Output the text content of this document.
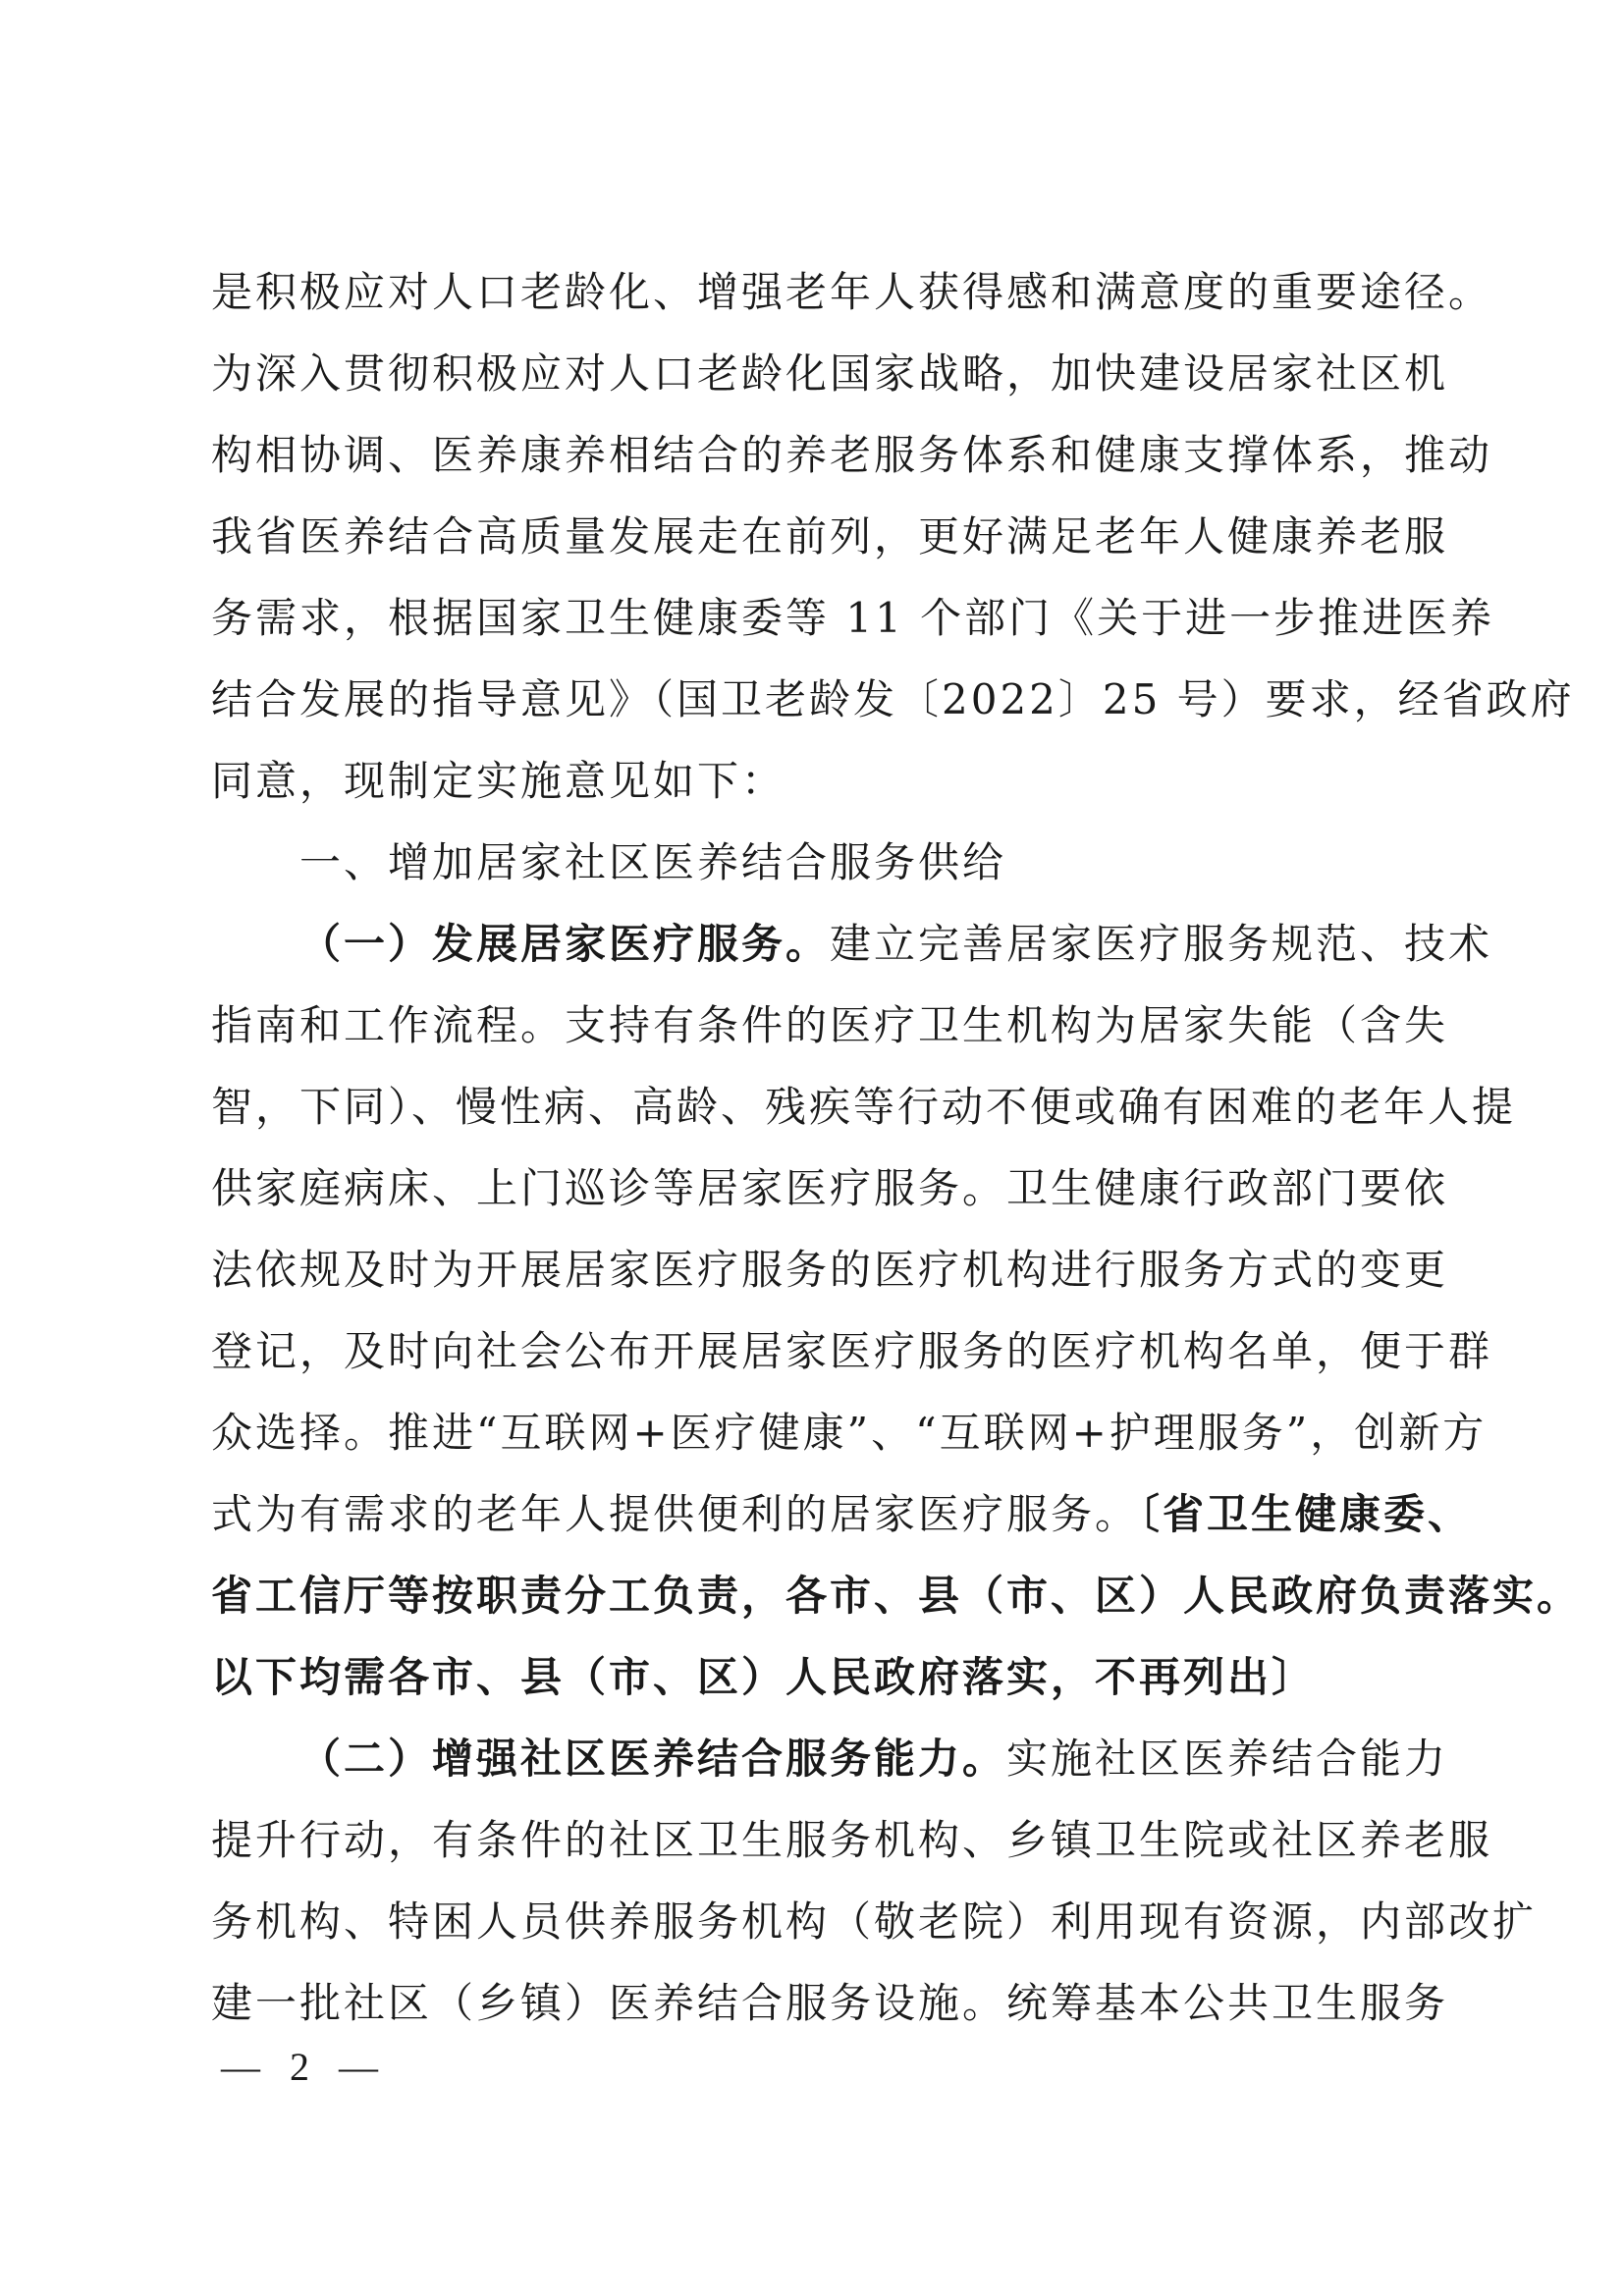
是积极应对人口老龄化、增强老年人获得感和满意度的重要途径。
为深入贯彻积极应对人口老龄化国家战略，加快建设居家社区机
构相协调、医养康养相结合的养老服务体系和健康支撑体系，推动
我省医养结合高质量发展走在前列，更好满足老年人健康养老服
务需求，根据国家卫生健康委等 11 个部门《关于进一步推进医养
结合发展的指导意见》（国卫老龄发〔2022〕25 号）要求，经省政府
同意，现制定实施意见如下：
一、增加居家社区医养结合服务供给
（一）发展居家医疗服务。建立完善居家医疗服务规范、技术
指南和工作流程。支持有条件的医疗卫生机构为居家失能（含失
智，下同）、慢性病、高龄、残疾等行动不便或确有困难的老年人提
供家庭病床、上门巡诊等居家医疗服务。卫生健康行政部门要依
法依规及时为开展居家医疗服务的医疗机构进行服务方式的变更
登记，及时向社会公布开展居家医疗服务的医疗机构名单，便于群
众选择。推进“互联网+医疗健康”、“互联网+护理服务”，创新方
式为有需求的老年人提供便利的居家医疗服务。〔省卫生健康委、
省工信厅等按职责分工负责，各市、县（市、区）人民政府负责落实。
以下均需各市、县（市、区）人民政府落实，不再列出〕
（二）增强社区医养结合服务能力。实施社区医养结合能力
提升行动，有条件的社区卫生服务机构、乡镇卫生院或社区养老服
务机构、特困人员供养服务机构（敬老院）利用现有资源，内部改扩
建一批社区（乡镇）医养结合服务设施。统筹基本公共卫生服务
— 2 —
